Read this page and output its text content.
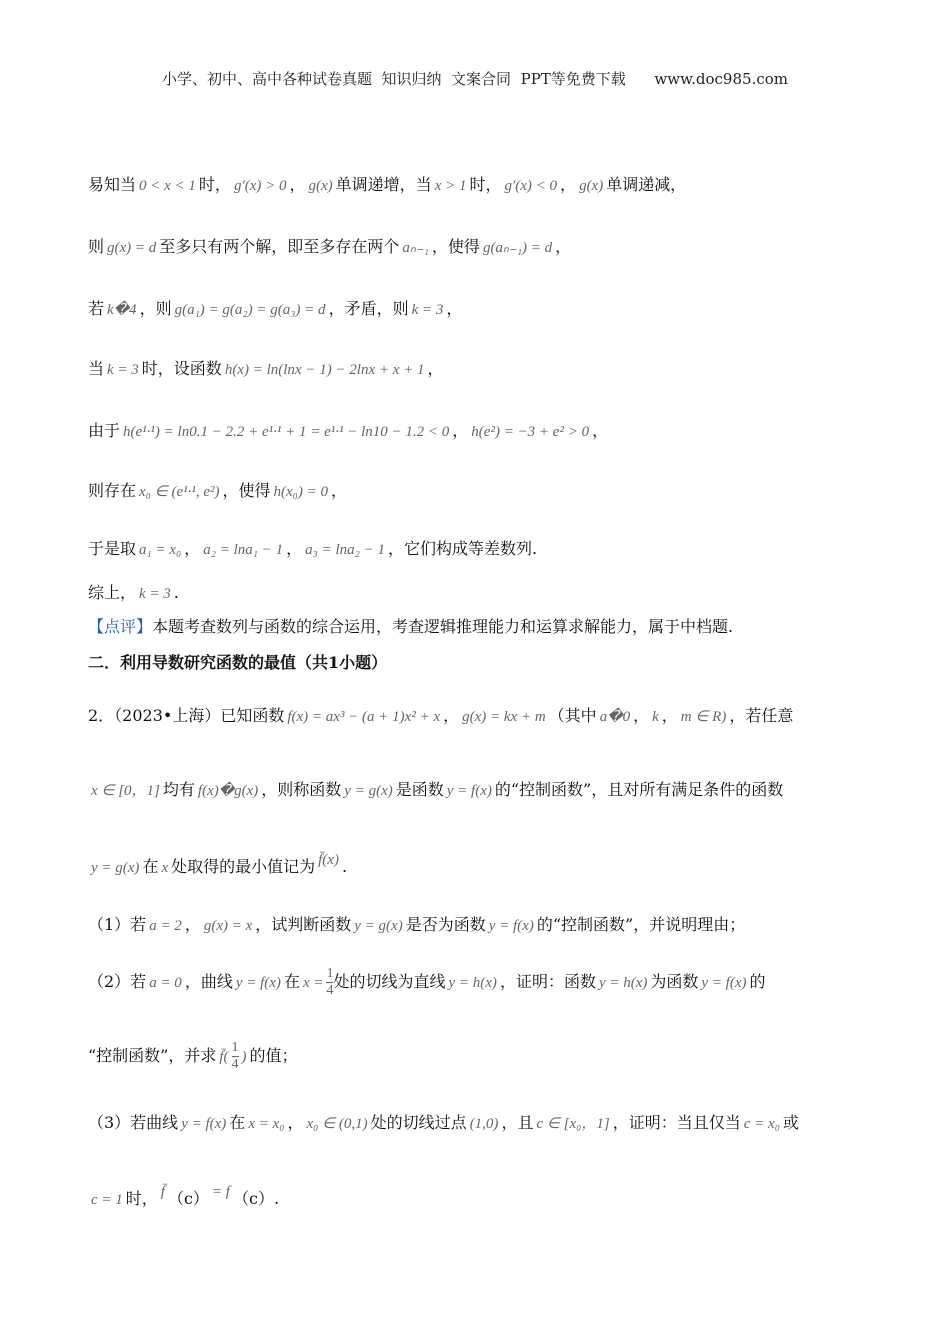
小学、初中、高中各种试卷真题  知识归纳  文案合同  PPT等免费下载      www.doc985.com
易知当 0 < x < 1 时， g′(x) > 0 ， g(x) 单调递增，当 x > 1 时， g′(x) < 0 ， g(x) 单调递减，
则 g(x) = d 至多只有两个解，即至多存在两个 aₙ₋₁ ，使得 g(aₙ₋₁) = d ，
若 k�4 ，则 g(a₁) = g(a₂) = g(a₃) = d ，矛盾，则 k = 3 ，
当 k = 3 时，设函数 h(x) = ln(lnx − 1) − 2lnx + x + 1 ，
由于 h(e¹·¹) = ln0.1 − 2.2 + e¹·¹ + 1 = e¹·¹ − ln10 − 1.2 < 0 ， h(e²) = −3 + e² > 0 ，
则存在 x₀ ∈ (e¹·¹, e²) ，使得 h(x₀) = 0 ，
于是取 a₁ = x₀ ， a₂ = lna₁ − 1 ， a₃ = lna₂ − 1 ，它们构成等差数列.
综上， k = 3 .
【点评】本题考查数列与函数的综合运用，考查逻辑推理能力和运算求解能力，属于中档题.
二．利用导数研究函数的最值（共1小题）
2．（2023•上海）已知函数 f(x) = ax³ − (a + 1)x² + x ， g(x) = kx + m （其中 a�0 ， k ， m ∈ R) ，若任意
x ∈ [0，1] 均有 f(x)�g(x) ，则称函数 y = g(x) 是函数 y = f(x) 的“控制函数”，且对所有满足条件的函数
y = g(x) 在 x 处取得的最小值记为 f̄(x) .
（1）若 a = 2 ， g(x) = x ，试判断函数 y = g(x) 是否为函数 y = f(x) 的“控制函数”，并说明理由；
（2）若 a = 0 ，曲线 y = f(x) 在 $x = \frac{1}{4}$ 处的切线为直线 y = h(x) ，证明：函数 y = h(x) 为函数 y = f(x) 的
“控制函数”，并求 f̄( $\frac{1}{4}$ ) 的值；
（3）若曲线 y = f(x) 在 x = x₀ ， x₀ ∈ (0,1) 处的切线过点 (1,0) ，且 c ∈ [x₀，1] ，证明：当且仅当 c = x₀ 或
c = 1 时， f̄ （c） = f （c）.
